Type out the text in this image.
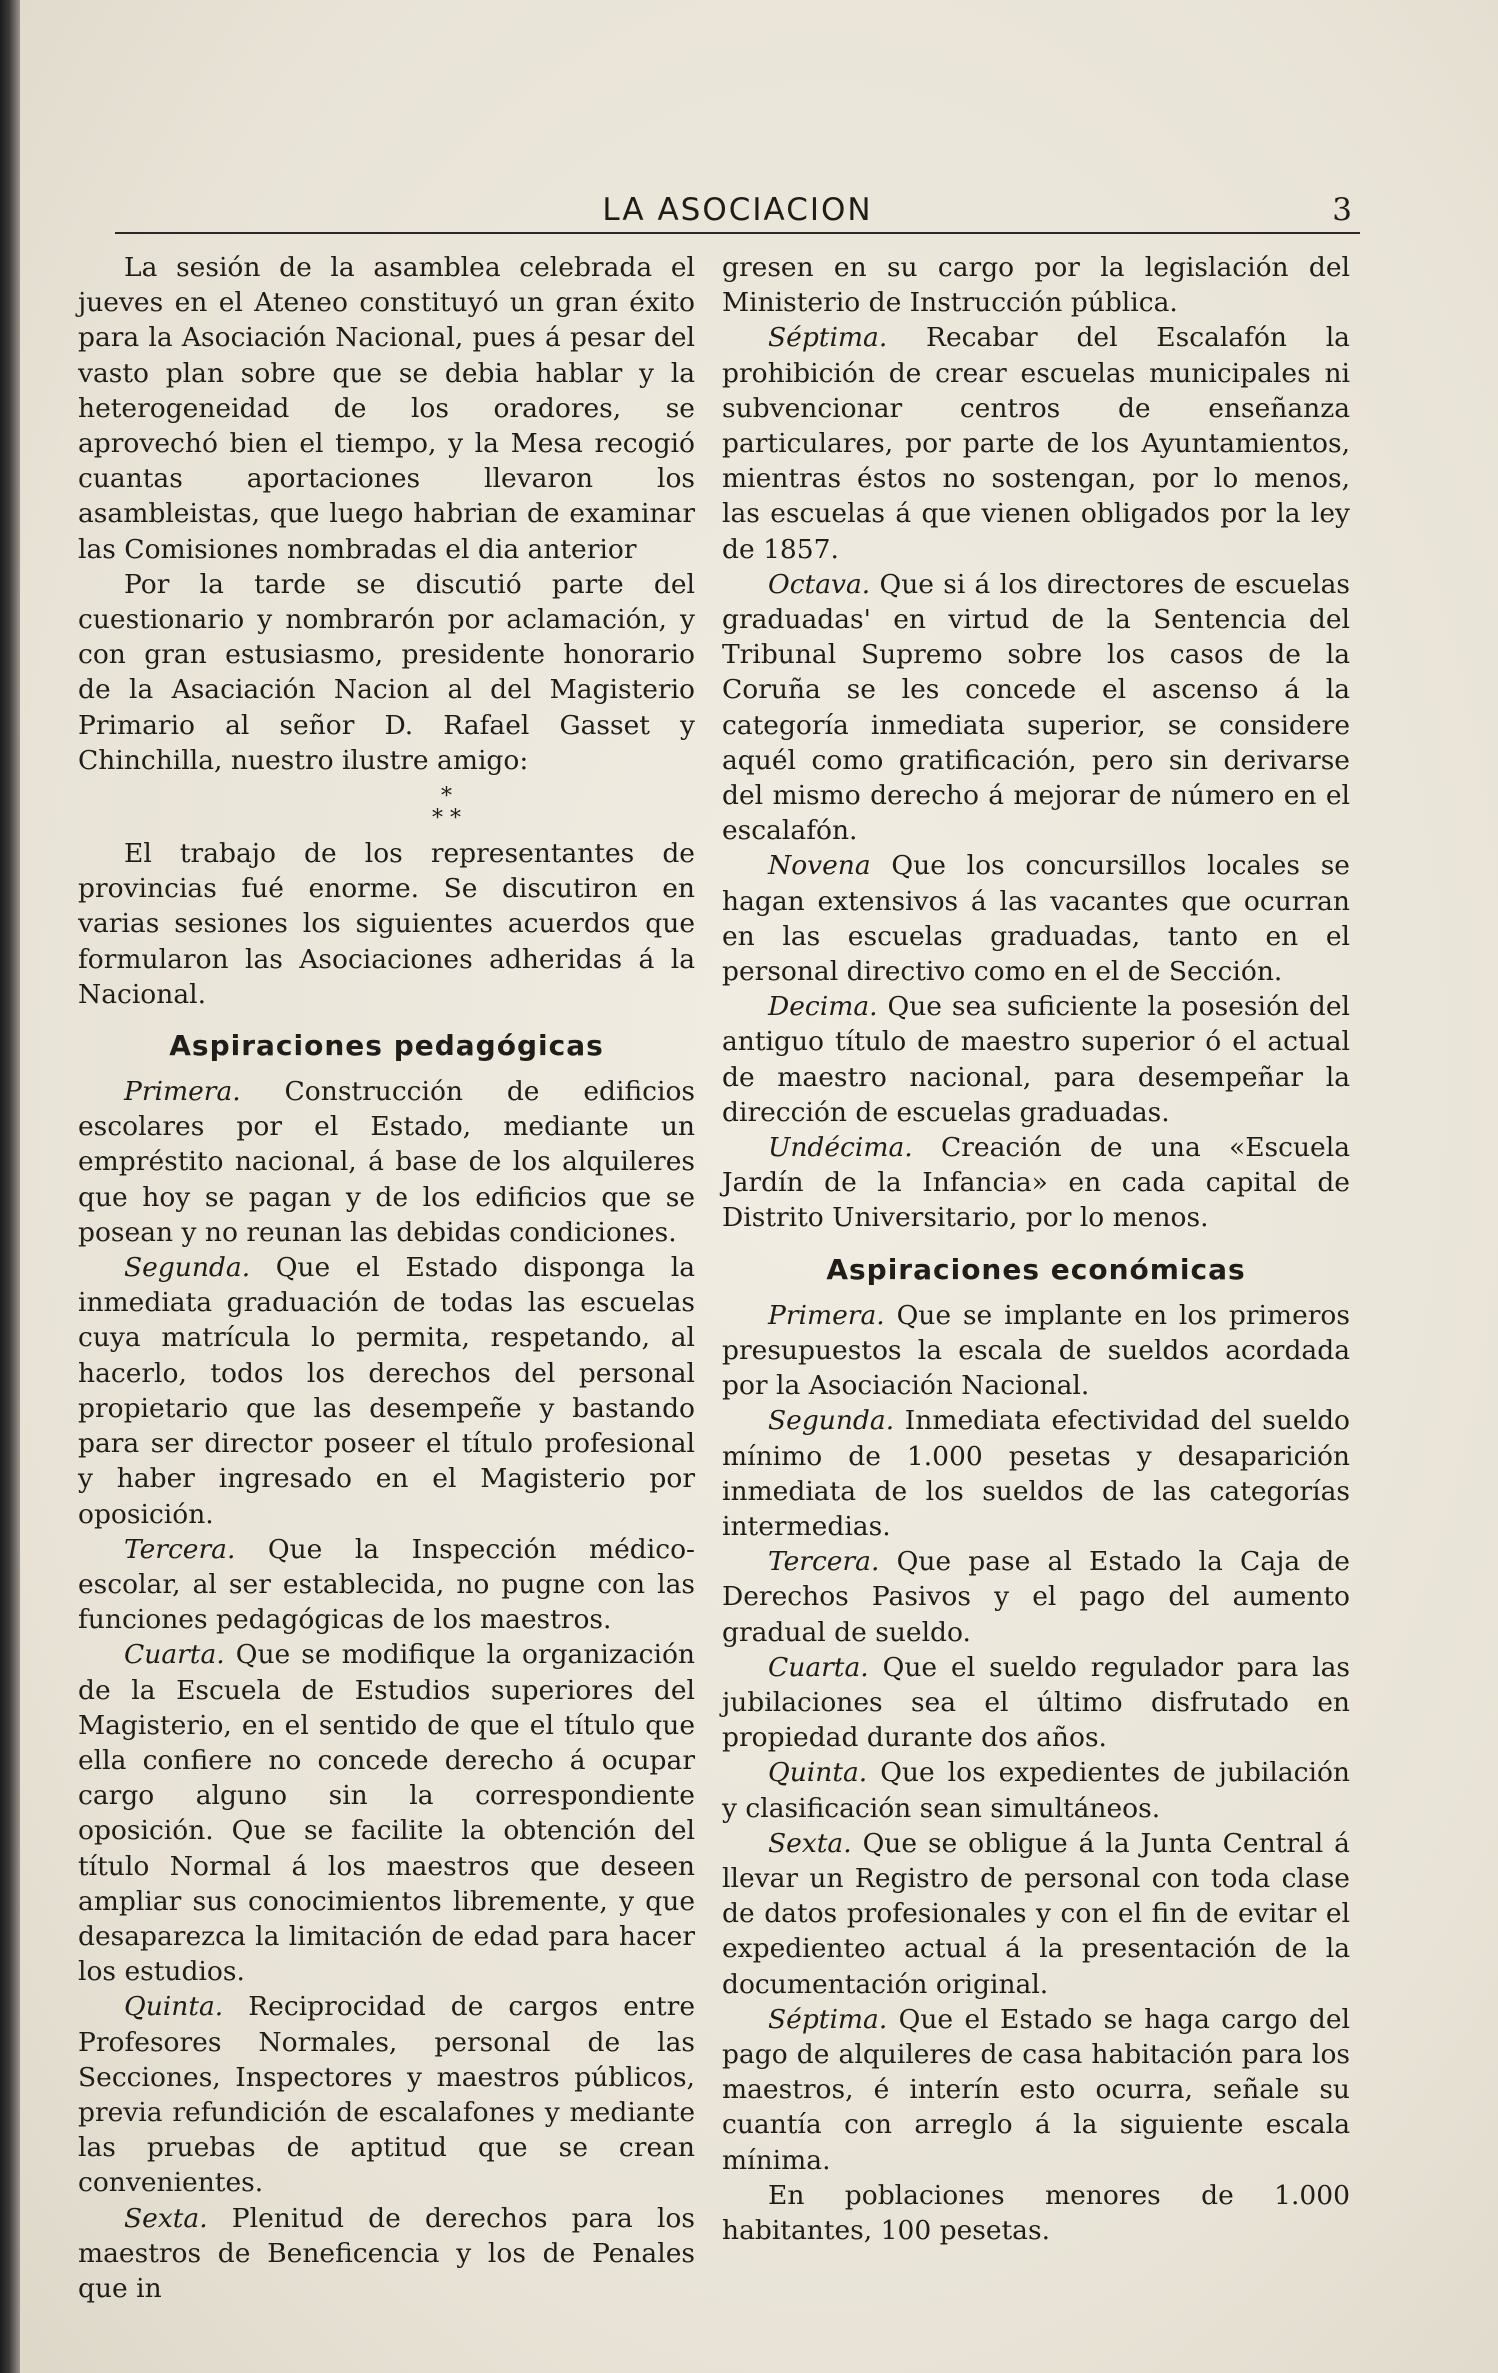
LA ASOCIACION	3

La sesión de la asamblea celebrada el jueves en el Ateneo constituyó un gran éxito para la Asociación Nacional, pues á pesar del vasto plan sobre que se debia hablar y la heterogeneidad de los oradores, se aprovechó bien el tiempo, y la Mesa recogió cuantas aportaciones llevaron los asambleistas, que luego habrian de examinar las Comisiones nombradas el dia anterior

Por la tarde se discutió parte del cuestionario y nombrarón por aclamación, y con gran estusiasmo, presidente honorario de la Asaciación Nacion al del Magisterio Primario al señor D. Rafael Gasset y Chinchilla, nuestro ilustre amigo:

*
* *

El trabajo de los representantes de provincias fué enorme. Se discutiron en varias sesiones los siguientes acuerdos que formularon las Asociaciones adheridas á la Nacional.

Aspiraciones pedagógicas

Primera. Construcción de edificios escolares por el Estado, mediante un empréstito nacional, á base de los alquileres que hoy se pagan y de los edificios que se posean y no reunan las debidas condiciones.

Segunda. Que el Estado disponga la inmediata graduación de todas las escuelas cuya matrícula lo permita, respetando, al hacerlo, todos los derechos del personal propietario que las desempeñe y bastando para ser director poseer el título profesional y haber ingresado en el Magisterio por oposición.

Tercera. Que la Inspección médico-escolar, al ser establecida, no pugne con las funciones pedagógicas de los maestros.

Cuarta. Que se modifique la organización de la Escuela de Estudios superiores del Magisterio, en el sentido de que el título que ella confiere no concede derecho á ocupar cargo alguno sin la correspondiente oposición. Que se facilite la obtención del título Normal á los maestros que deseen ampliar sus conocimientos libremente, y que desaparezca la limitación de edad para hacer los estudios.

Quinta. Reciprocidad de cargos entre Profesores Normales, personal de las Secciones, Inspectores y maestros públicos, previa refundición de escalafones y mediante las pruebas de aptitud que se crean convenientes.

Sexta. Plenitud de derechos para los maestros de Beneficencia y los de Penales que in

gresen en su cargo por la legislación del Ministerio de Instrucción pública.

Séptima. Recabar del Escalafón la prohibición de crear escuelas municipales ni subvencionar centros de enseñanza particulares, por parte de los Ayuntamientos, mientras éstos no sostengan, por lo menos, las escuelas á que vienen obligados por la ley de 1857.

Octava. Que si á los directores de escuelas graduadas' en virtud de la Sentencia del Tribunal Supremo sobre los casos de la Coruña se les concede el ascenso á la categoría inmediata superior, se considere aquél como gratificación, pero sin derivarse del mismo derecho á mejorar de número en el escalafón.

Novena Que los concursillos locales se hagan extensivos á las vacantes que ocurran en las escuelas graduadas, tanto en el personal directivo como en el de Sección.

Decima. Que sea suficiente la posesión del antiguo título de maestro superior ó el actual de maestro nacional, para desempeñar la dirección de escuelas graduadas.

Undécima. Creación de una «Escuela Jardín de la Infancia» en cada capital de Distrito Universitario, por lo menos.

Aspiraciones económicas

Primera. Que se implante en los primeros presupuestos la escala de sueldos acordada por la Asociación Nacional.

Segunda. Inmediata efectividad del sueldo mínimo de 1.000 pesetas y desaparición inmediata de los sueldos de las categorías intermedias.

Tercera. Que pase al Estado la Caja de Derechos Pasivos y el pago del aumento gradual de sueldo.

Cuarta. Que el sueldo regulador para las jubilaciones sea el último disfrutado en propiedad durante dos años.

Quinta. Que los expedientes de jubilación y clasificación sean simultáneos.

Sexta. Que se obligue á la Junta Central á llevar un Registro de personal con toda clase de datos profesionales y con el fin de evitar el expedienteo actual á la presentación de la documentación original.

Séptima. Que el Estado se haga cargo del pago de alquileres de casa habitación para los maestros, é interín esto ocurra, señale su cuantía con arreglo á la siguiente escala mínima.

En poblaciones menores de 1.000 habitantes, 100 pesetas.
